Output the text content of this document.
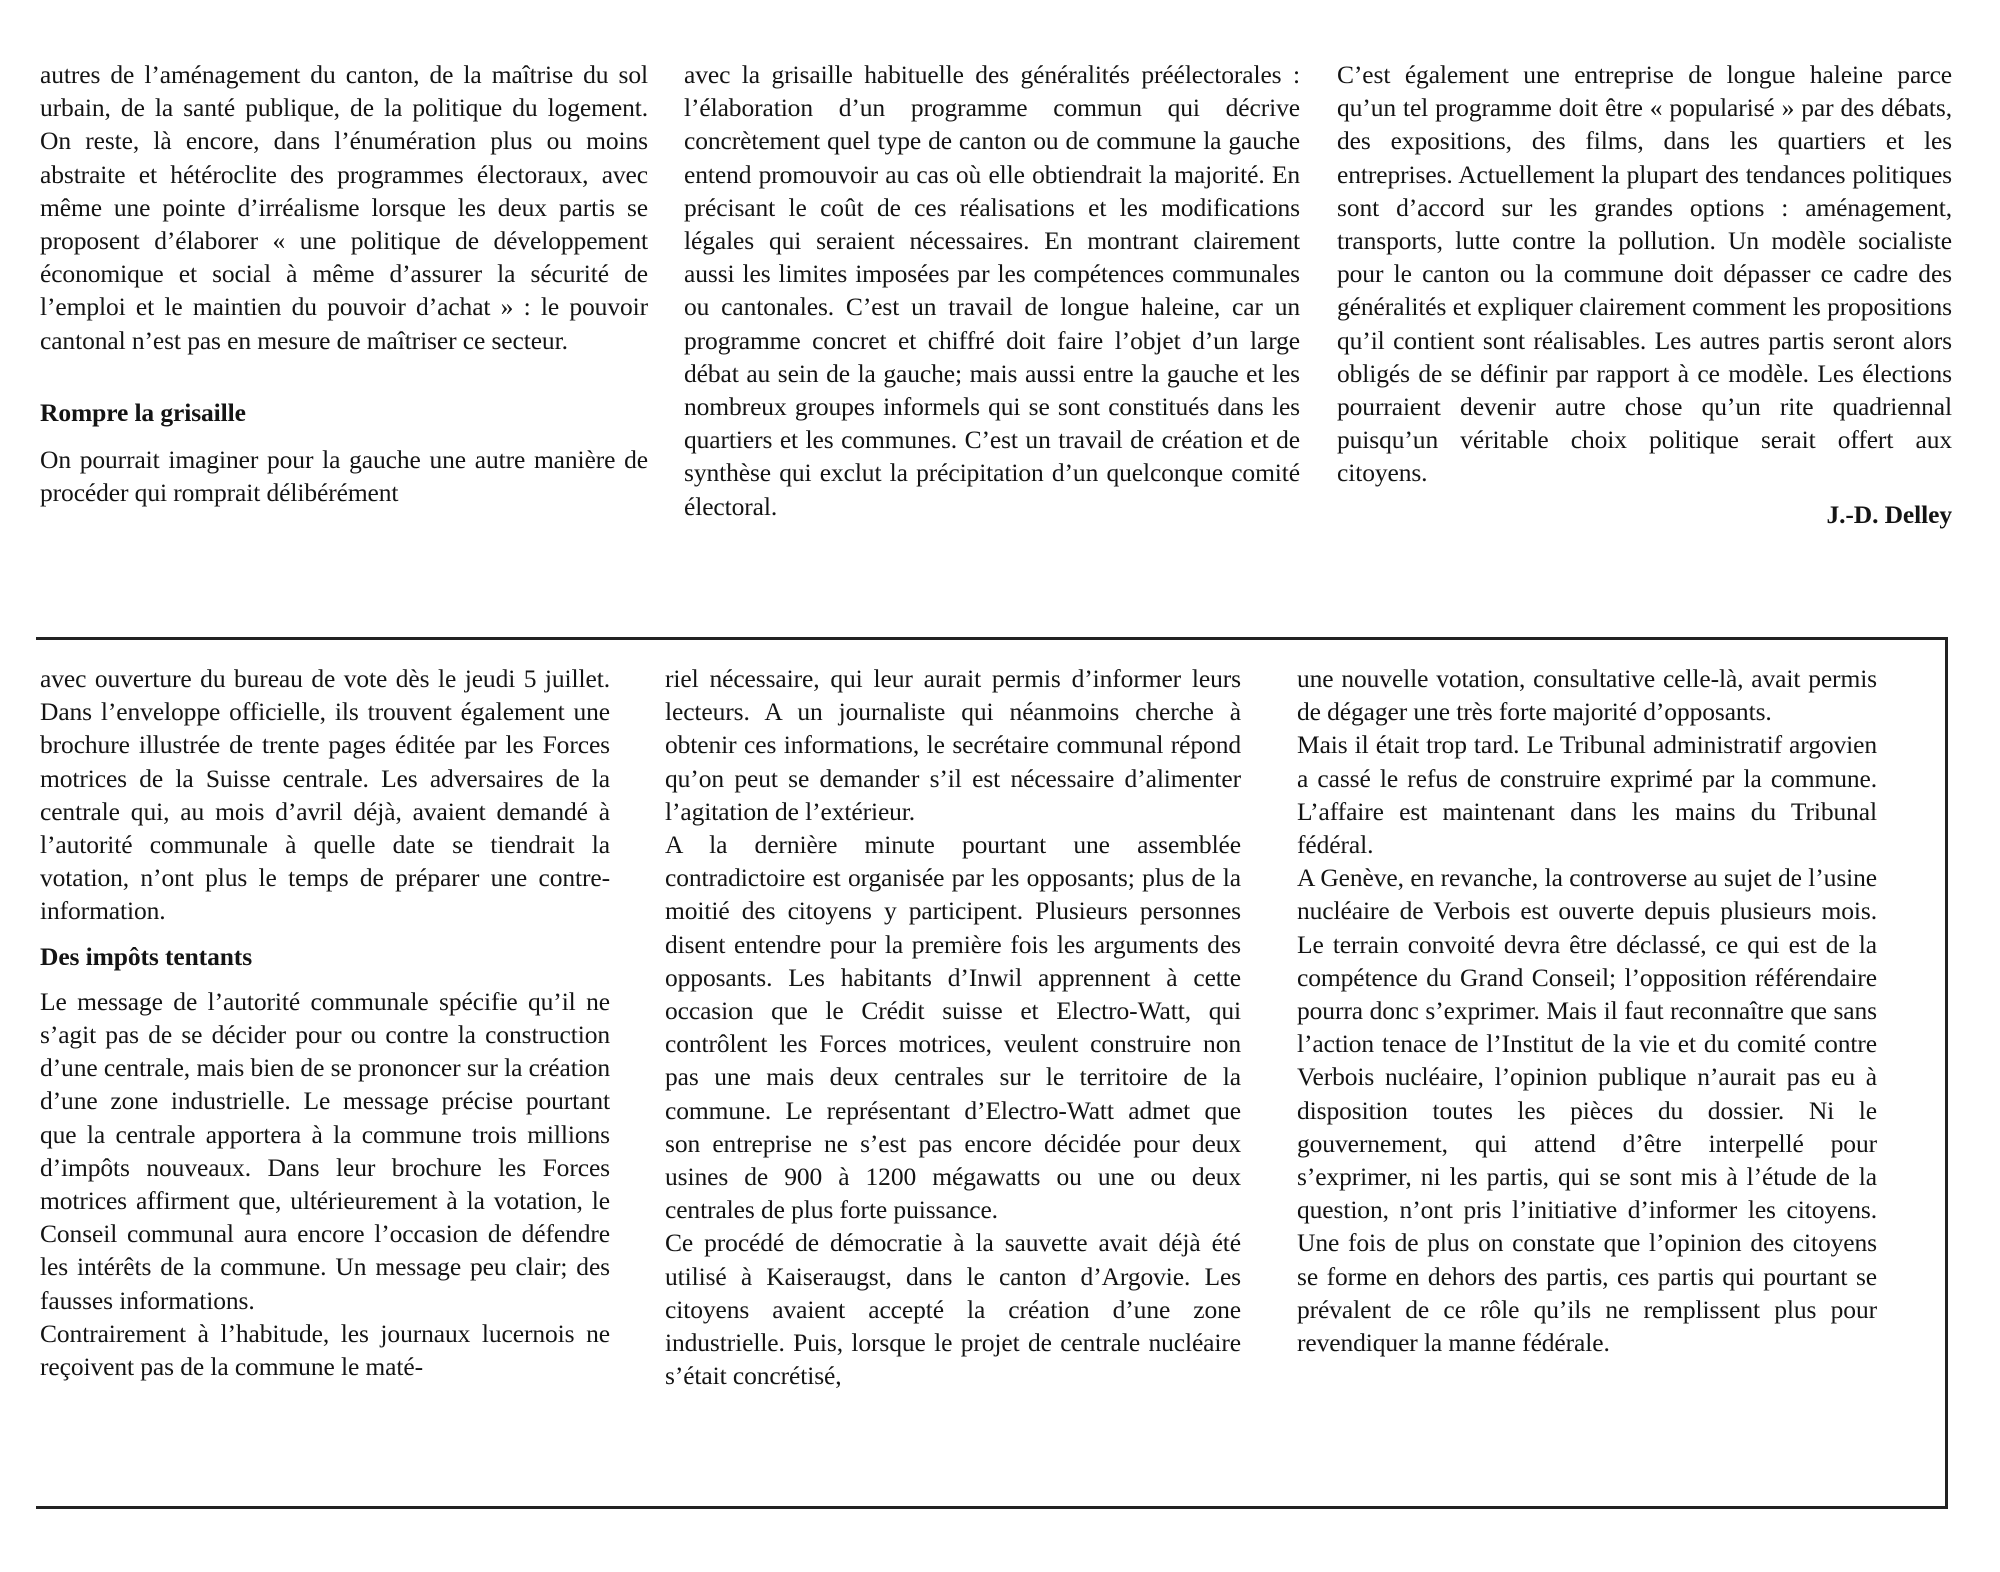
autres de l’aménagement du canton, de la maîtrise du sol urbain, de la santé publique, de la politique du logement. On reste, là encore, dans l’énumération plus ou moins abstraite et hétéroclite des programmes électoraux, avec même une pointe d’irréalisme lorsque les deux partis se proposent d’élaborer « une politique de développement économique et social à même d’assurer la sécurité de l’emploi et le maintien du pouvoir d’achat » : le pouvoir cantonal n’est pas en mesure de maîtriser ce secteur.

Rompre la grisaille

On pourrait imaginer pour la gauche une autre manière de procéder qui romprait délibérément

avec la grisaille habituelle des généralités préélectorales : l’élaboration d’un programme commun qui décrive concrètement quel type de canton ou de commune la gauche entend promouvoir au cas où elle obtiendrait la majorité. En précisant le coût de ces réalisations et les modifications légales qui seraient nécessaires. En montrant clairement aussi les limites imposées par les compétences communales ou cantonales. C’est un travail de longue haleine, car un programme concret et chiffré doit faire l’objet d’un large débat au sein de la gauche; mais aussi entre la gauche et les nombreux groupes informels qui se sont constitués dans les quartiers et les communes. C’est un travail de création et de synthèse qui exclut la précipitation d’un quelconque comité électoral.

C’est également une entreprise de longue haleine parce qu’un tel programme doit être « popularisé » par des débats, des expositions, des films, dans les quartiers et les entreprises. Actuellement la plupart des tendances politiques sont d’accord sur les grandes options : aménagement, transports, lutte contre la pollution. Un modèle socialiste pour le canton ou la commune doit dépasser ce cadre des généralités et expliquer clairement comment les propositions qu’il contient sont réalisables. Les autres partis seront alors obligés de se définir par rapport à ce modèle. Les élections pourraient devenir autre chose qu’un rite quadriennal puisqu’un véritable choix politique serait offert aux citoyens.

J.-D. Delley

avec ouverture du bureau de vote dès le jeudi 5 juillet. Dans l’enveloppe officielle, ils trouvent également une brochure illustrée de trente pages éditée par les Forces motrices de la Suisse centrale. Les adversaires de la centrale qui, au mois d’avril déjà, avaient demandé à l’autorité communale à quelle date se tiendrait la votation, n’ont plus le temps de préparer une contre-information.

Des impôts tentants

Le message de l’autorité communale spécifie qu’il ne s’agit pas de se décider pour ou contre la construction d’une centrale, mais bien de se prononcer sur la création d’une zone industrielle. Le message précise pourtant que la centrale apportera à la commune trois millions d’impôts nouveaux. Dans leur brochure les Forces motrices affirment que, ultérieurement à la votation, le Conseil communal aura encore l’occasion de défendre les intérêts de la commune. Un message peu clair; des fausses informations.

Contrairement à l’habitude, les journaux lucernois ne reçoivent pas de la commune le maté-

riel nécessaire, qui leur aurait permis d’informer leurs lecteurs. A un journaliste qui néanmoins cherche à obtenir ces informations, le secrétaire communal répond qu’on peut se demander s’il est nécessaire d’alimenter l’agitation de l’extérieur.

A la dernière minute pourtant une assemblée contradictoire est organisée par les opposants; plus de la moitié des citoyens y participent. Plusieurs personnes disent entendre pour la première fois les arguments des opposants. Les habitants d’Inwil apprennent à cette occasion que le Crédit suisse et Electro-Watt, qui contrôlent les Forces motrices, veulent construire non pas une mais deux centrales sur le territoire de la commune. Le représentant d’Electro-Watt admet que son entreprise ne s’est pas encore décidée pour deux usines de 900 à 1200 mégawatts ou une ou deux centrales de plus forte puissance.

Ce procédé de démocratie à la sauvette avait déjà été utilisé à Kaiseraugst, dans le canton d’Argovie. Les citoyens avaient accepté la création d’une zone industrielle. Puis, lorsque le projet de centrale nucléaire s’était concrétisé,

une nouvelle votation, consultative celle-là, avait permis de dégager une très forte majorité d’opposants.

Mais il était trop tard. Le Tribunal administratif argovien a cassé le refus de construire exprimé par la commune. L’affaire est maintenant dans les mains du Tribunal fédéral.

A Genève, en revanche, la controverse au sujet de l’usine nucléaire de Verbois est ouverte depuis plusieurs mois. Le terrain convoité devra être déclassé, ce qui est de la compétence du Grand Conseil; l’opposition référendaire pourra donc s’exprimer. Mais il faut reconnaître que sans l’action tenace de l’Institut de la vie et du comité contre Verbois nucléaire, l’opinion publique n’aurait pas eu à disposition toutes les pièces du dossier. Ni le gouvernement, qui attend d’être interpellé pour s’exprimer, ni les partis, qui se sont mis à l’étude de la question, n’ont pris l’initiative d’informer les citoyens. Une fois de plus on constate que l’opinion des citoyens se forme en dehors des partis, ces partis qui pourtant se prévalent de ce rôle qu’ils ne remplissent plus pour revendiquer la manne fédérale.
